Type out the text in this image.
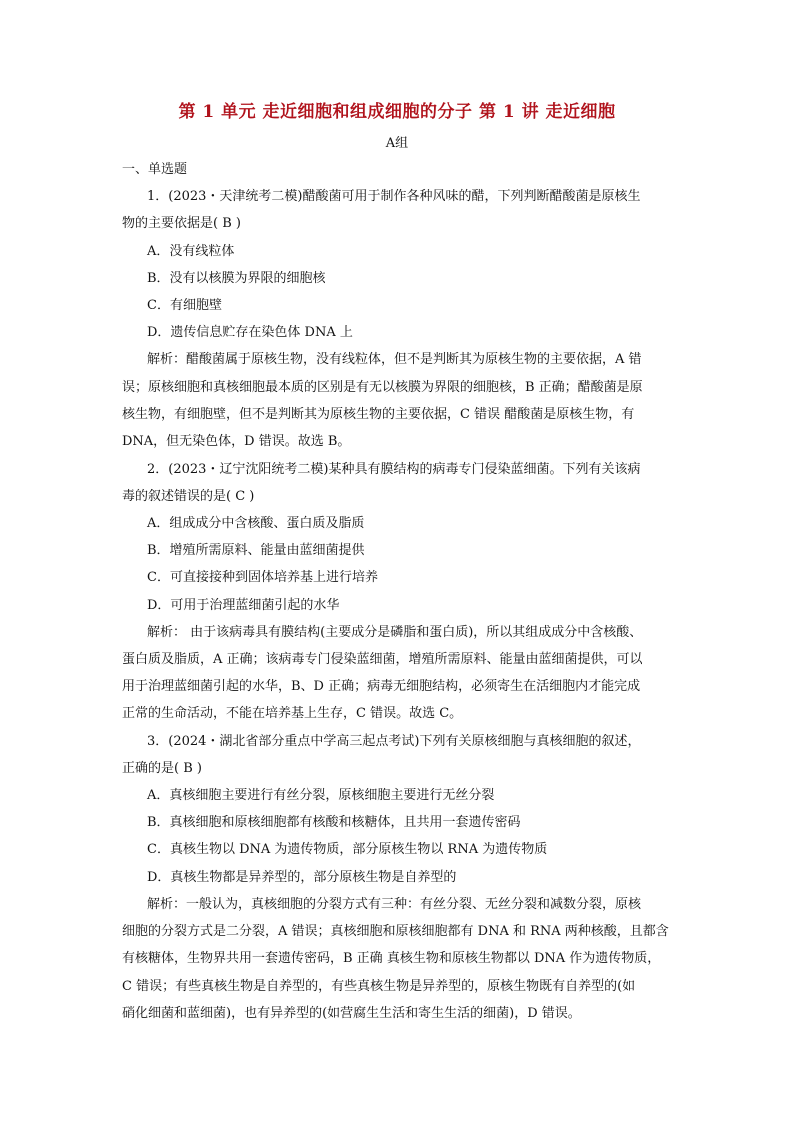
第 1 单元 走近细胞和组成细胞的分子 第 1 讲 走近细胞
A组
一、单选题
1．(2023・天津统考二模)醋酸菌可用于制作各种风味的醋，下列判断醋酸菌是原核生
物的主要依据是( B )
A．没有线粒体
B．没有以核膜为界限的细胞核
C．有细胞壁
D．遗传信息贮存在染色体 DNA 上
解析：醋酸菌属于原核生物，没有线粒体，但不是判断其为原核生物的主要依据，A 错
误；原核细胞和真核细胞最本质的区别是有无以核膜为界限的细胞核，B 正确；醋酸菌是原
核生物，有细胞壁，但不是判断其为原核生物的主要依据，C 错误 醋酸菌是原核生物，有
DNA，但无染色体，D 错误。故选 B。
2．(2023・辽宁沈阳统考二模)某种具有膜结构的病毒专门侵染蓝细菌。下列有关该病
毒的叙述错误的是( C )
A．组成成分中含核酸、蛋白质及脂质
B．增殖所需原料、能量由蓝细菌提供
C．可直接接种到固体培养基上进行培养
D．可用于治理蓝细菌引起的水华
解析： 由于该病毒具有膜结构(主要成分是磷脂和蛋白质)，所以其组成成分中含核酸、
蛋白质及脂质，A 正确；该病毒专门侵染蓝细菌，增殖所需原料、能量由蓝细菌提供，可以
用于治理蓝细菌引起的水华，B、D 正确；病毒无细胞结构，必须寄生在活细胞内才能完成
正常的生命活动，不能在培养基上生存，C 错误。故选 C。
3．(2024・湖北省部分重点中学高三起点考试)下列有关原核细胞与真核细胞的叙述，
正确的是( B )
A．真核细胞主要进行有丝分裂，原核细胞主要进行无丝分裂
B．真核细胞和原核细胞都有核酸和核糖体，且共用一套遗传密码
C．真核生物以 DNA 为遗传物质，部分原核生物以 RNA 为遗传物质
D．真核生物都是异养型的，部分原核生物是自养型的
解析：一般认为，真核细胞的分裂方式有三种：有丝分裂、无丝分裂和减数分裂，原核
细胞的分裂方式是二分裂，A 错误；真核细胞和原核细胞都有 DNA 和 RNA 两种核酸，且都含
有核糖体，生物界共用一套遗传密码，B 正确 真核生物和原核生物都以 DNA 作为遗传物质，
C 错误；有些真核生物是自养型的，有些真核生物是异养型的，原核生物既有自养型的(如
硝化细菌和蓝细菌)，也有异养型的(如营腐生生活和寄生生活的细菌)，D 错误。
